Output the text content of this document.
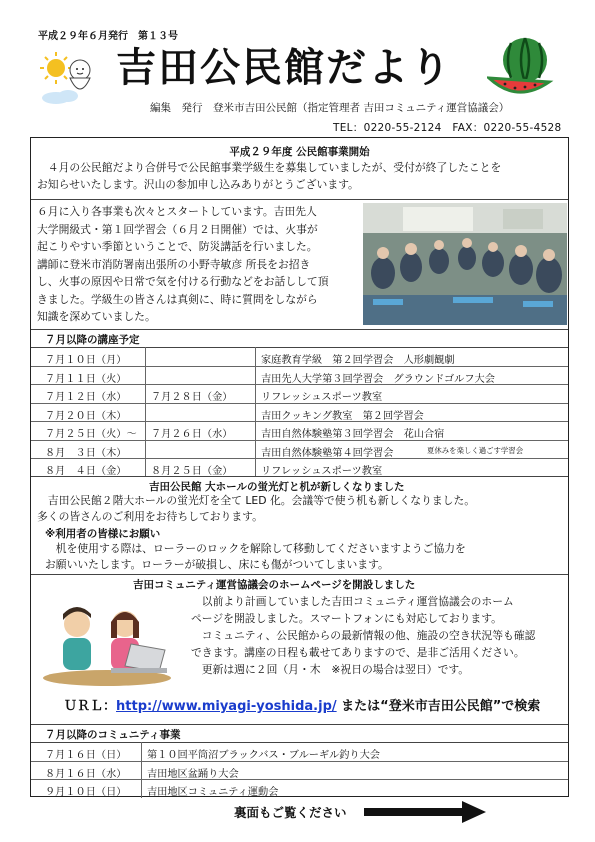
平成２９年６月発行　第１３号
吉田公民館だより
編集　発行　登米市吉田公民館（指定管理者 吉田コミュニティ運営協議会）
TEL：0220-55-2124　FAX：0220-55-4528
平成２９年度 公民館事業開始
　４月の公民館だより合併号で公民館事業学級生を募集していましたが、受付が終了したことを
お知らせいたします。沢山の参加申し込みありがとうございます。
６月に入り各事業も次々とスタートしています。吉田先人
大学開級式・第１回学習会（６月２日開催）では、火事が
起こりやすい季節ということで、防災講話を行いました。
講師に登米市消防署南出張所の小野寺敏彦 所長をお招き
し、火事の原因や日常で気を付ける行動などをお話しして頂
きました。学級生の皆さんは真剣に、時に質問をしながら
知識を深めていました。
７月以降の講座予定
７月１０日（月）	家庭教育学級　第２回学習会　人形劇観劇
７月１１日（火）	吉田先人大学第３回学習会　グラウンドゴルフ大会
７月１２日（水） ７月２８日（金）	リフレッシュスポーツ教室
７月２０日（木）	吉田クッキング教室　第２回学習会
７月２５日（火）～ ７月２６日（水）	吉田自然体験塾第３回学習会　花山合宿
８月　３日（木）	吉田自然体験塾第４回学習会	夏休みを楽しく過ごす学習会
８月　４日（金） ８月２５日（金）	リフレッシュスポーツ教室
吉田公民館 大ホールの蛍光灯と机が新しくなりました
　吉田公民館２階大ホールの蛍光灯を全て LED 化。会議等で使う机も新しくなりました。
多くの皆さんのご利用をお待ちしております。
※利用者の皆様にお願い
　机を使用する際は、ローラーのロックを解除して移動してくださいますようご協力を
お願いいたします。ローラーが破損し、床にも傷がついてしまいます。
吉田コミュニティ運営協議会のホームページを開設しました
　以前より計画していました吉田コミュニティ運営協議会のホーム
ページを開設しました。スマートフォンにも対応しております。
　コミュニティ、公民館からの最新情報の他、施設の空き状況等も確認
できます。講座の日程も載せてありますので、是非ご活用ください。
　更新は週に２回（月・木　※祝日の場合は翌日）です。
７月以降のコミュニティ事業
７月１６日（日） 第１０回平筒沼ブラックバス・ブルーギル釣り大会
８月１６日（水） 吉田地区盆踊り大会
９月１０日（日） 吉田地区コミュニティ運動会
ＵＲＬ：http://www.miyagi-yoshida.jp/ または“登米市吉田公民館”で検索
裏面もご覧ください
